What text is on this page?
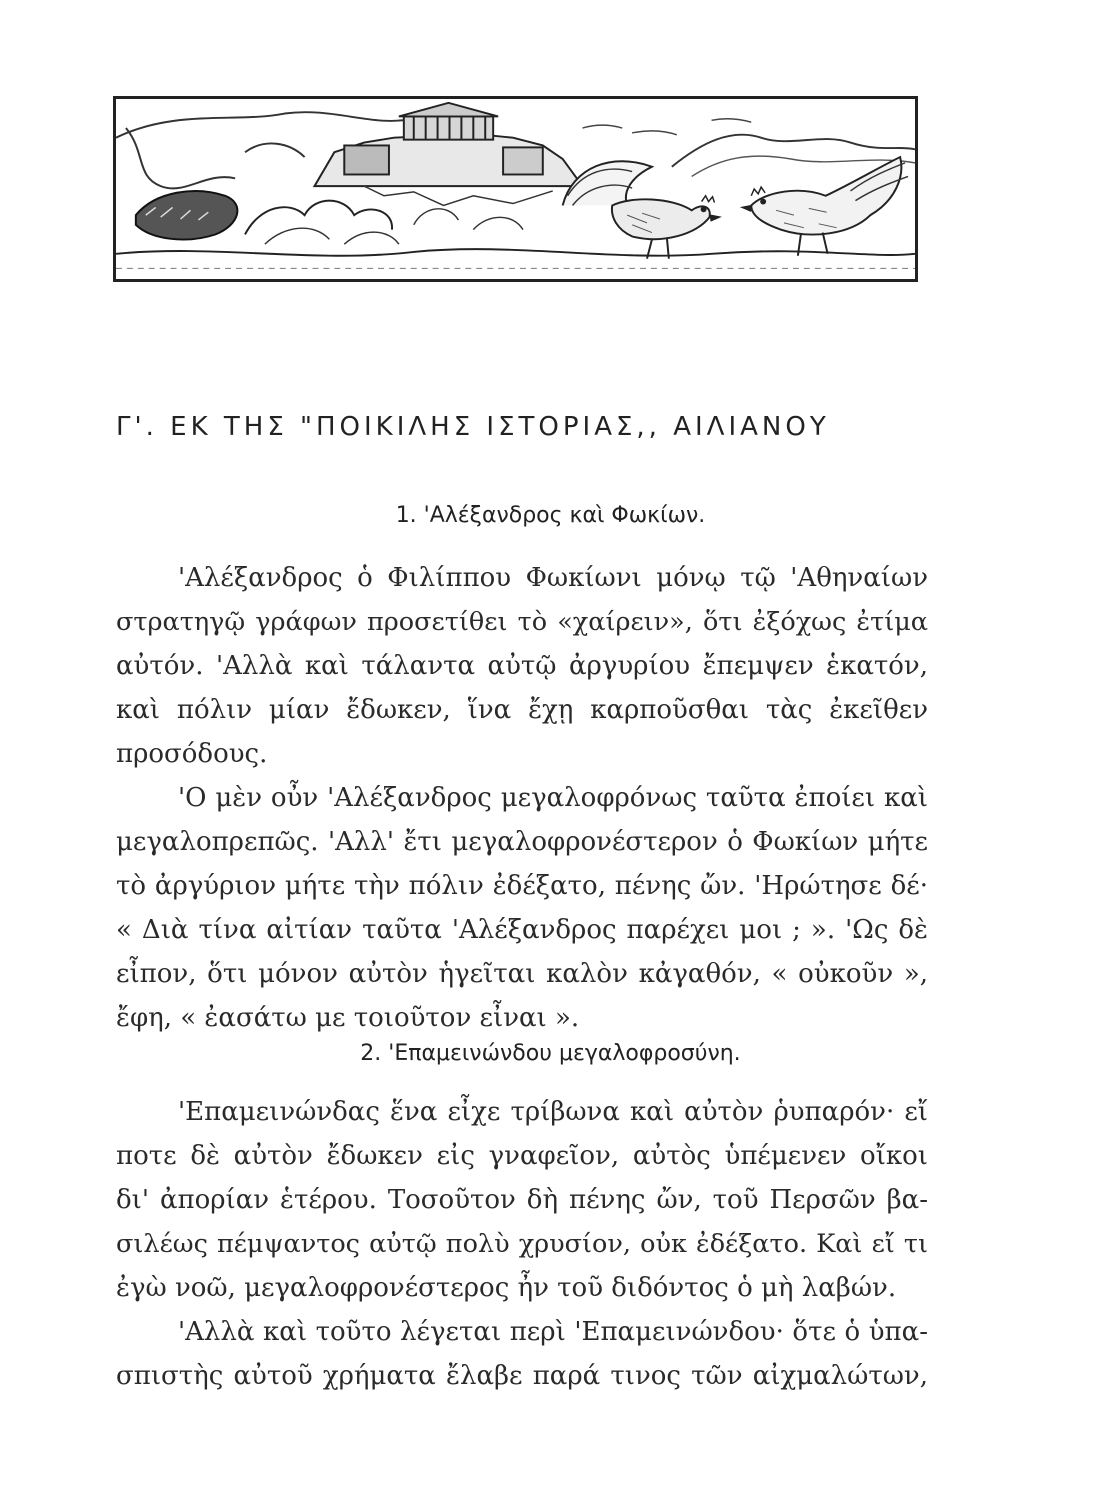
Γ'. ΕΚ ΤΗΣ "ΠΟΙΚΙΛΗΣ ΙΣΤΟΡΙΑΣ,, ΑΙΛΙΑΝΟΥ
1. 'Αλέξανδρος καὶ Φωκίων.
'Αλέξανδρος ὁ Φιλίππου Φωκίωνι μόνῳ τῷ 'Αθηναίων
στρατηγῷ γράφων προσετίθει τὸ «χαίρειν», ὅτι ἐξόχως ἐτίμα
αὐτόν. 'Αλλὰ καὶ τάλαντα αὐτῷ ἀργυρίου ἔπεμψεν ἑκατόν,
καὶ πόλιν μίαν ἔδωκεν, ἵνα ἔχῃ καρποῦσθαι τὰς ἐκεῖθεν
προσόδους.
'Ο μὲν οὖν 'Αλέξανδρος μεγαλοφρόνως ταῦτα ἐποίει καὶ
μεγαλοπρεπῶς. 'Αλλ' ἔτι μεγαλοφρονέστερον ὁ Φωκίων μήτε
τὸ ἀργύριον μήτε τὴν πόλιν ἐδέξατο, πένης ὤν. 'Ηρώτησε δέ·
« Διὰ τίνα αἰτίαν ταῦτα 'Αλέξανδρος παρέχει μοι ; ». 'Ως δὲ
εἶπον, ὅτι μόνον αὐτὸν ἡγεῖται καλὸν κἀγαθόν, « οὐκοῦν »,
ἔφη, « ἐασάτω με τοιοῦτον εἶναι ».
2. 'Επαμεινώνδου μεγαλοφροσύνη.
'Επαμεινώνδας ἕνα εἶχε τρίβωνα καὶ αὐτὸν ῥυπαρόν· εἴ
ποτε δὲ αὐτὸν ἔδωκεν εἰς γναφεῖον, αὐτὸς ὑπέμενεν οἴκοι
δι' ἀπορίαν ἑτέρου. Τοσοῦτον δὴ πένης ὤν, τοῦ Περσῶν βα-
σιλέως πέμψαντος αὐτῷ πολὺ χρυσίον, οὐκ ἐδέξατο. Καὶ εἴ τι
ἐγὼ νοῶ, μεγαλοφρονέστερος ἦν τοῦ διδόντος ὁ μὴ λαβών.
'Αλλὰ καὶ τοῦτο λέγεται περὶ 'Επαμεινώνδου· ὅτε ὁ ὑπα-
σπιστὴς αὐτοῦ χρήματα ἔλαβε παρά τινος τῶν αἰχμαλώτων,
